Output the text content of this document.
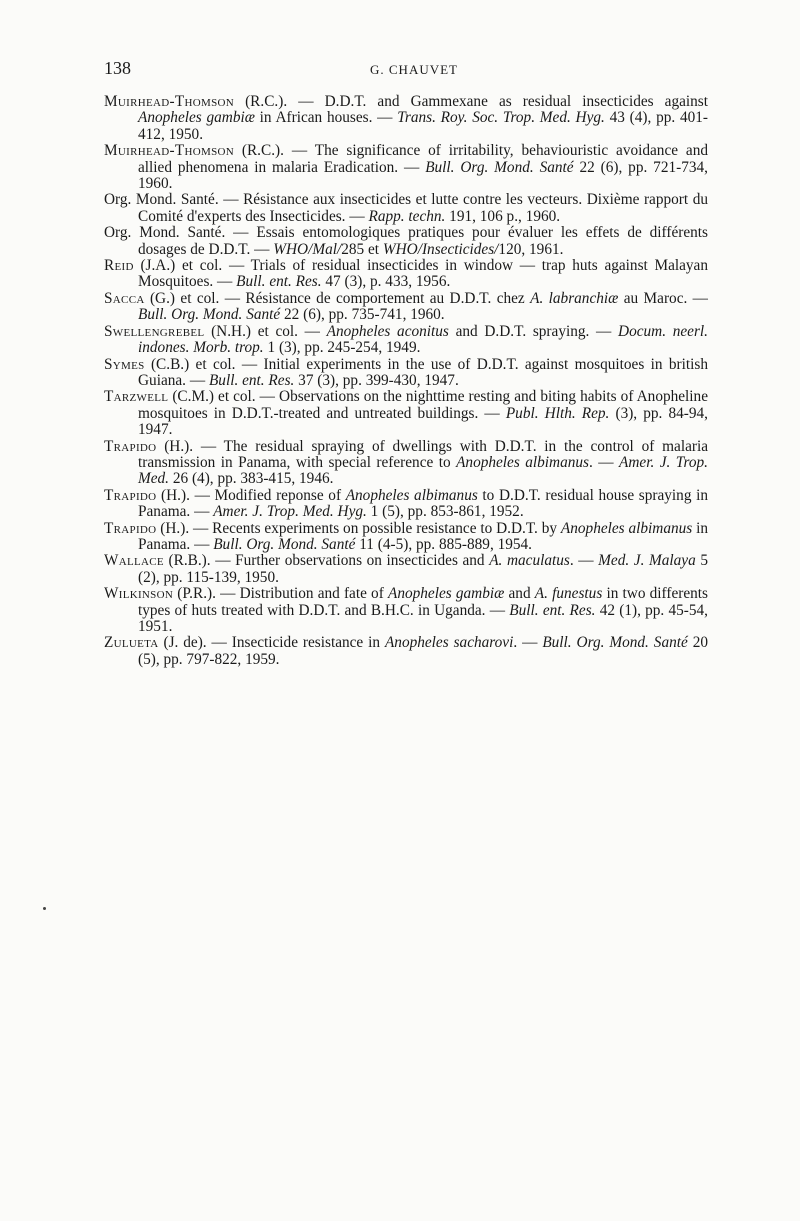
138	G. CHAUVET

Muirhead-Thomson (R.C.). — D.D.T. and Gammexane as residual insecticides against Anopheles gambiæ in African houses. — Trans. Roy. Soc. Trop. Med. Hyg. 43 (4), pp. 401-412, 1950.

Muirhead-Thomson (R.C.). — The significance of irritability, behaviouristic avoidance and allied phenomena in malaria Eradication. — Bull. Org. Mond. Santé 22 (6), pp. 721-734, 1960.

Org. Mond. Santé. — Résistance aux insecticides et lutte contre les vecteurs. Dixième rapport du Comité d'experts des Insecticides. — Rapp. techn. 191, 106 p., 1960.

Org. Mond. Santé. — Essais entomologiques pratiques pour évaluer les effets de différents dosages de D.D.T. — WHO/Mal/285 et WHO/Insecticides/120, 1961.

Reid (J.A.) et col. — Trials of residual insecticides in window — trap huts against Malayan Mosquitoes. — Bull. ent. Res. 47 (3), p. 433, 1956.

Sacca (G.) et col. — Résistance de comportement au D.D.T. chez A. labranchiæ au Maroc. — Bull. Org. Mond. Santé 22 (6), pp. 735-741, 1960.

Swellengrebel (N.H.) et col. — Anopheles aconitus and D.D.T. spraying. — Docum. neerl. indones. Morb. trop. 1 (3), pp. 245-254, 1949.

Symes (C.B.) et col. — Initial experiments in the use of D.D.T. against mosquitoes in british Guiana. — Bull. ent. Res. 37 (3), pp. 399-430, 1947.

Tarzwell (C.M.) et col. — Observations on the nighttime resting and biting habits of Anopheline mosquitoes in D.D.T.-treated and untreated buildings. — Publ. Hlth. Rep. (3), pp. 84-94, 1947.

Trapido (H.). — The residual spraying of dwellings with D.D.T. in the control of malaria transmission in Panama, with special reference to Anopheles albimanus. — Amer. J. Trop. Med. 26 (4), pp. 383-415, 1946.

Trapido (H.). — Modified reponse of Anopheles albimanus to D.D.T. residual house spraying in Panama. — Amer. J. Trop. Med. Hyg. 1 (5), pp. 853-861, 1952.

Trapido (H.). — Recents experiments on possible resistance to D.D.T. by Anopheles albimanus in Panama. — Bull. Org. Mond. Santé 11 (4-5), pp. 885-889, 1954.

Wallace (R.B.). — Further observations on insecticides and A. maculatus. — Med. J. Malaya 5 (2), pp. 115-139, 1950.

Wilkinson (P.R.). — Distribution and fate of Anopheles gambiæ and A. funestus in two differents types of huts treated with D.D.T. and B.H.C. in Uganda. — Bull. ent. Res. 42 (1), pp. 45-54, 1951.

Zulueta (J. de). — Insecticide resistance in Anopheles sacharovi. — Bull. Org. Mond. Santé 20 (5), pp. 797-822, 1959.
